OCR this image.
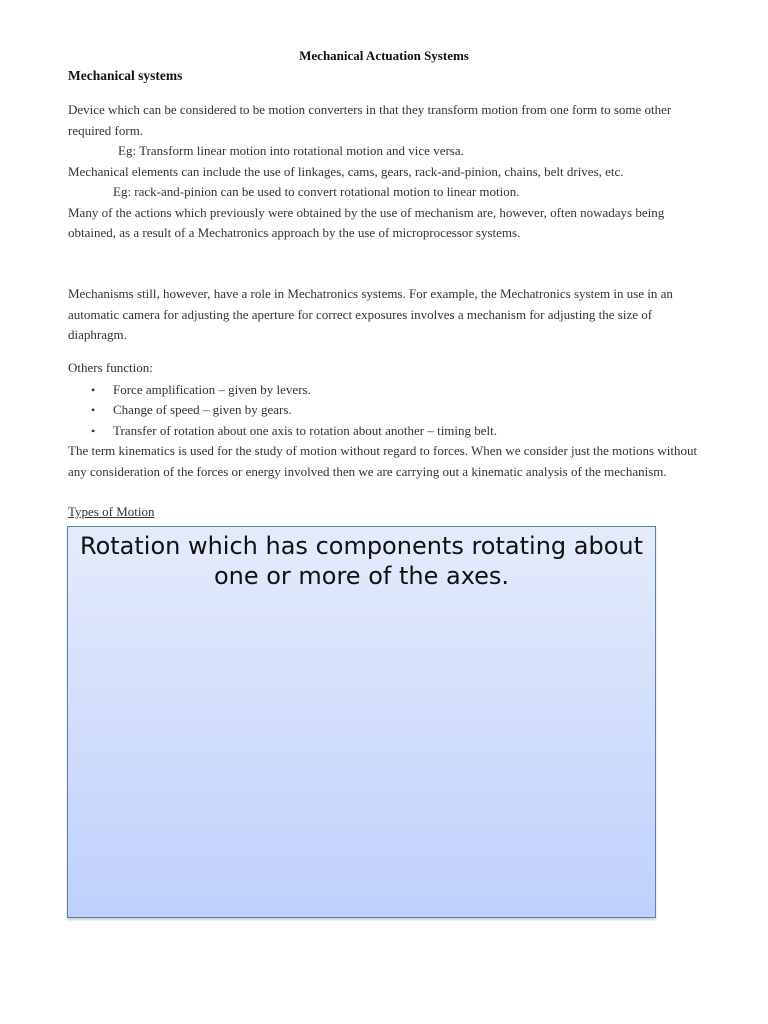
Mechanical Actuation Systems
Mechanical systems

Device which can be considered to be motion converters in that they transform motion from one form to some other required form.

Eg: Transform linear motion into rotational motion and vice versa.

Mechanical elements can include the use of linkages, cams, gears, rack-and-pinion, chains, belt drives, etc.

Eg: rack-and-pinion can be used to convert rotational motion to linear motion.

Many of the actions which previously were obtained by the use of mechanism are, however, often nowadays being obtained, as a result of a Mechatronics approach by the use of microprocessor systems.

Mechanisms still, however, have a role in Mechatronics systems. For example, the Mechatronics system in use in an automatic camera for adjusting the aperture for correct exposures involves a mechanism for adjusting the size of diaphragm.

Others function:

• Force amplification – given by levers.
• Change of speed – given by gears.
• Transfer of rotation about one axis to rotation about another – timing belt.

The term kinematics is used for the study of motion without regard to forces. When we consider just the motions without any consideration of the forces or energy involved then we are carrying out a kinematic analysis of the mechanism.

Types of Motion
Rotation which has components rotating about one or more of the axes.
